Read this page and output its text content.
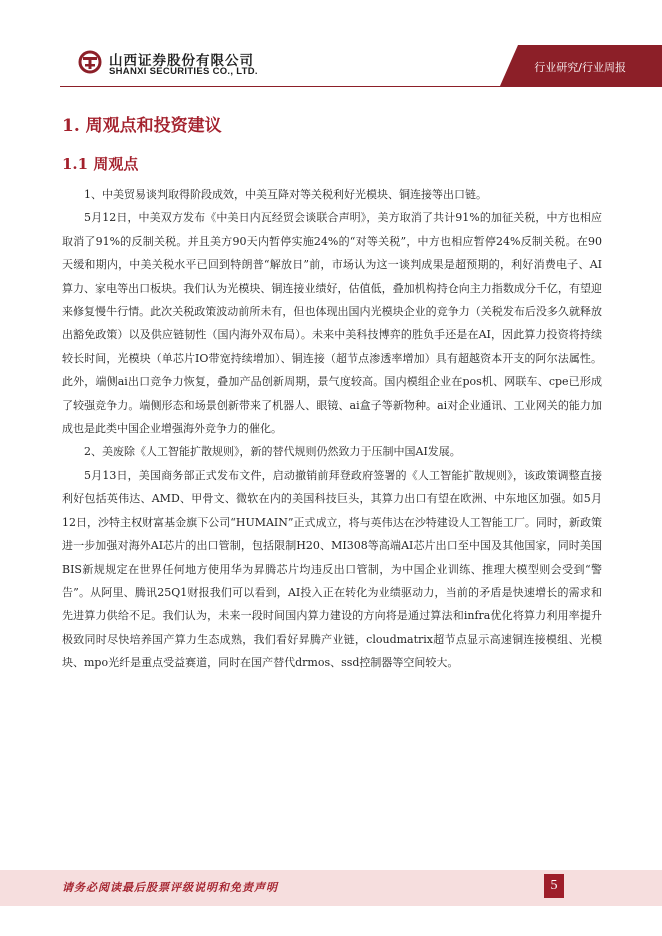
山西证券股份有限公司
SHANXI SECURITIES CO., LTD.	行业研究/行业周报
1. 周观点和投资建议
1.1 周观点

1、中美贸易谈判取得阶段成效，中美互降对等关税利好光模块、铜连接等出口链。

5月12日，中美双方发布《中美日内瓦经贸会谈联合声明》，美方取消了共计91%的加征关税，中方也相应取消了91%的反制关税。并且美方90天内暂停实施24%的“对等关税”，中方也相应暂停24%反制关税。在90天缓和期内，中美关税水平已回到特朗普“解放日”前，市场认为这一谈判成果是超预期的，利好消费电子、AI算力、家电等出口板块。我们认为光模块、铜连接业绩好，估值低，叠加机构持仓向主力指数成分千亿，有望迎来修复慢牛行情。此次关税政策波动前所未有，但也体现出国内光模块企业的竞争力（关税发布后没多久就释放出豁免政策）以及供应链韧性（国内海外双布局）。未来中美科技博弈的胜负手还是在AI，因此算力投资将持续较长时间，光模块（单芯片IO带宽持续增加）、铜连接（超节点渗透率增加）具有超越资本开支的阿尔法属性。此外，端侧ai出口竞争力恢复，叠加产品创新周期，景气度较高。国内模组企业在pos机、网联车、cpe已形成了较强竞争力。端侧形态和场景创新带来了机器人、眼镜、ai盒子等新物种。ai对企业通讯、工业网关的能力加成也是此类中国企业增强海外竞争力的催化。

2、美废除《人工智能扩散规则》，新的替代规则仍然致力于压制中国AI发展。

5月13日，美国商务部正式发布文件，启动撤销前拜登政府签署的《人工智能扩散规则》，该政策调整直接利好包括英伟达、AMD、甲骨文、微软在内的美国科技巨头，其算力出口有望在欧洲、中东地区加强。如5月12日，沙特主权财富基金旗下公司“HUMAIN”正式成立，将与英伟达在沙特建设人工智能工厂。同时，新政策进一步加强对海外AI芯片的出口管制，包括限制H20、MI308等高端AI芯片出口至中国及其他国家，同时美国BIS新规规定在世界任何地方使用华为昇腾芯片均违反出口管制，为中国企业训练、推理大模型则会受到“警告”。从阿里、腾讯25Q1财报我们可以看到，AI投入正在转化为业绩驱动力，当前的矛盾是快速增长的需求和先进算力供给不足。我们认为，未来一段时间国内算力建设的方向将是通过算法和infra优化将算力利用率提升极致同时尽快培养国产算力生态成熟，我们看好昇腾产业链，cloudmatrix超节点显示高速铜连接模组、光模块、mpo光纤是重点受益赛道，同时在国产替代drmos、ssd控制器等空间较大。

请务必阅读最后股票评级说明和免责声明	5
